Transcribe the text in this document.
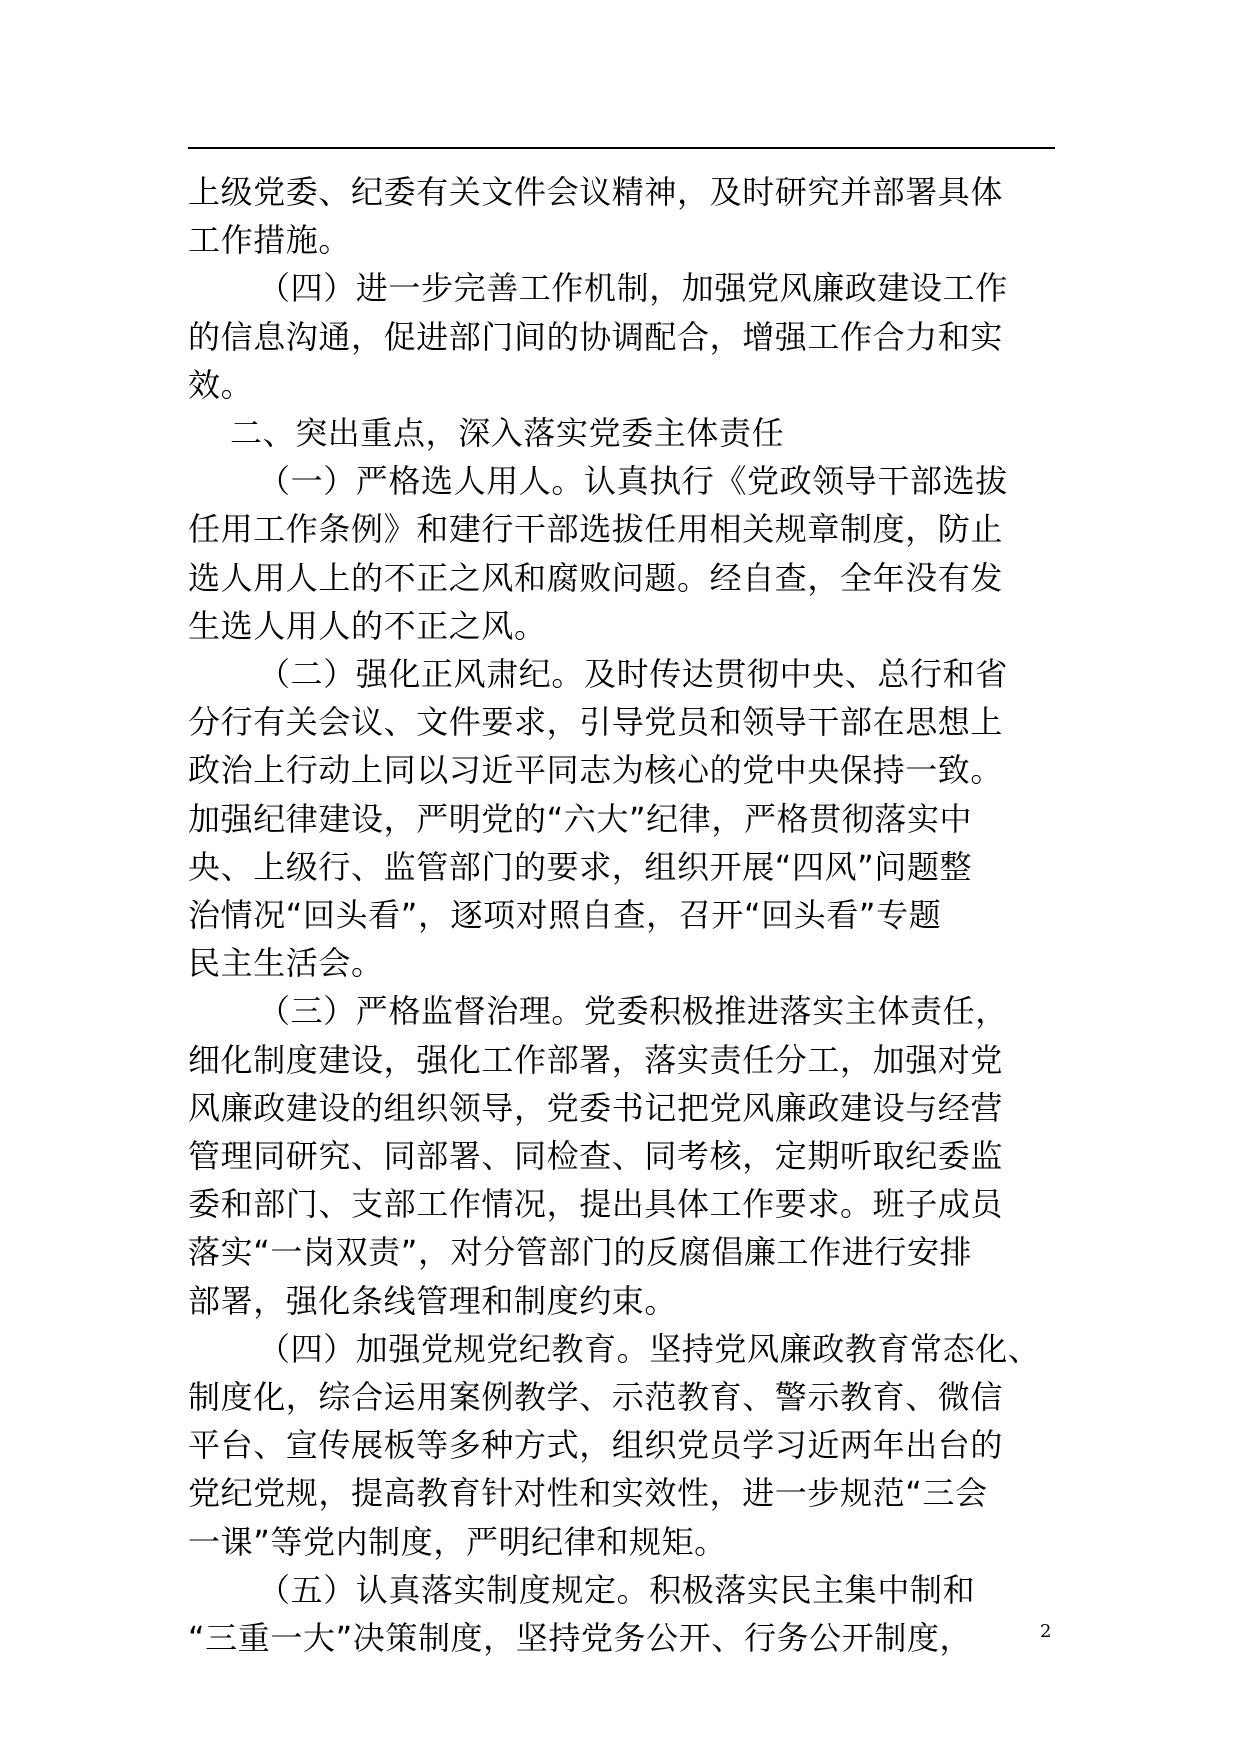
上级党委、纪委有关文件会议精神，及时研究并部署具体
工作措施。

（四）进一步完善工作机制，加强党风廉政建设工作
的信息沟通，促进部门间的协调配合，增强工作合力和实
效。

二、突出重点，深入落实党委主体责任

（一）严格选人用人。认真执行《党政领导干部选拔
任用工作条例》和建行干部选拔任用相关规章制度，防止
选人用人上的不正之风和腐败问题。经自查，全年没有发
生选人用人的不正之风。

（二）强化正风肃纪。及时传达贯彻中央、总行和省
分行有关会议、文件要求，引导党员和领导干部在思想上
政治上行动上同以习近平同志为核心的党中央保持一致。
加强纪律建设，严明党的“六大”纪律，严格贯彻落实中
央、上级行、监管部门的要求，组织开展“四风”问题整
治情况“回头看”，逐项对照自查，召开“回头看”专题
民主生活会。

（三）严格监督治理。党委积极推进落实主体责任，
细化制度建设，强化工作部署，落实责任分工，加强对党
风廉政建设的组织领导，党委书记把党风廉政建设与经营
管理同研究、同部署、同检查、同考核，定期听取纪委监
委和部门、支部工作情况，提出具体工作要求。班子成员
落实“一岗双责”，对分管部门的反腐倡廉工作进行安排
部署，强化条线管理和制度约束。

（四）加强党规党纪教育。坚持党风廉政教育常态化、
制度化，综合运用案例教学、示范教育、警示教育、微信
平台、宣传展板等多种方式，组织党员学习近两年出台的
党纪党规，提高教育针对性和实效性，进一步规范“三会
一课”等党内制度，严明纪律和规矩。

（五）认真落实制度规定。积极落实民主集中制和
“三重一大”决策制度，坚持党务公开、行务公开制度，	2
